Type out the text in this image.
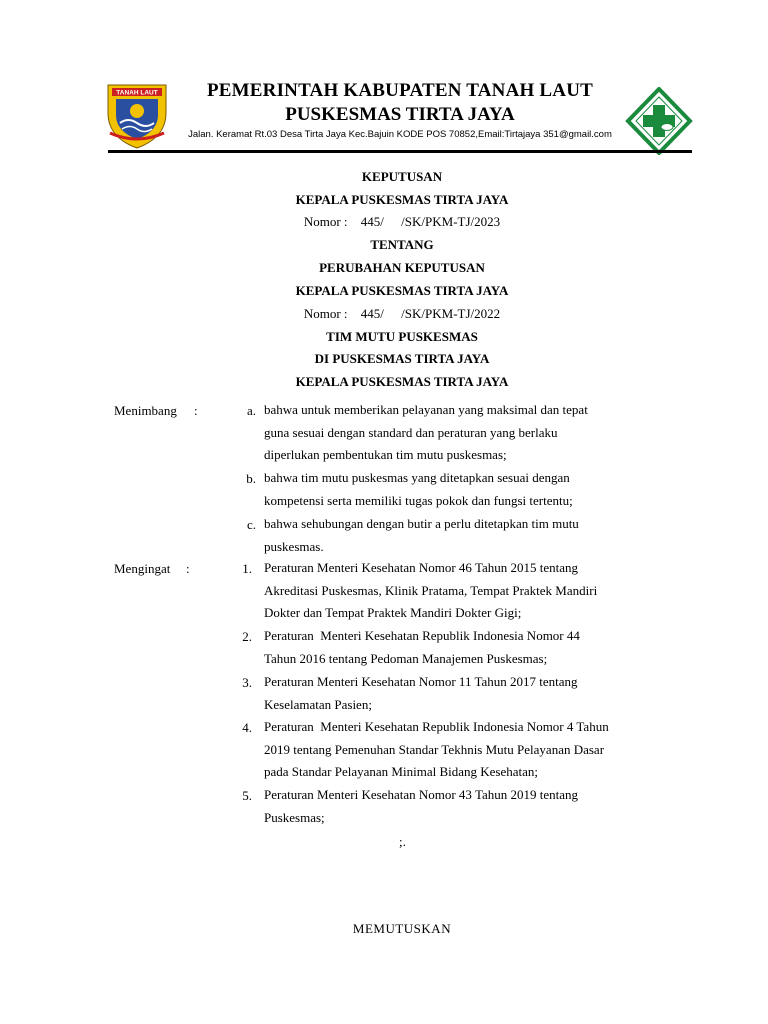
TANAH LAUT	PEMERINTAH KABUPATEN TANAH LAUT
PUSKESMAS TIRTA JAYA
Jalan. Keramat Rt.03 Desa Tirta Jaya Kec.Bajuin KODE POS 70852,Email:Tirtajaya 351@gmail.com
KEPUTUSAN
KEPALA PUSKESMAS TIRTA JAYA
Nomor : 445/ /SK/PKM-TJ/2023
TENTANG
PERUBAHAN KEPUTUSAN
KEPALA PUSKESMAS TIRTA JAYA
Nomor : 445/ /SK/PKM-TJ/2022
TIM MUTU PUSKESMAS
DI PUSKESMAS TIRTA JAYA
KEPALA PUSKESMAS TIRTA JAYA
Menimbang :	a. bahwa untuk memberikan pelayanan yang maksimal dan tepat
guna sesuai dengan standard dan peraturan yang berlaku
diperlukan pembentukan tim mutu puskesmas;
b. bahwa tim mutu puskesmas yang ditetapkan sesuai dengan
kompetensi serta memiliki tugas pokok dan fungsi tertentu;
c. bahwa sehubungan dengan butir a perlu ditetapkan tim mutu
puskesmas.
Mengingat :	1. Peraturan Menteri Kesehatan Nomor 46 Tahun 2015 tentang
Akreditasi Puskesmas, Klinik Pratama, Tempat Praktek Mandiri
Dokter dan Tempat Praktek Mandiri Dokter Gigi;
2. Peraturan  Menteri Kesehatan Republik Indonesia Nomor 44
Tahun 2016 tentang Pedoman Manajemen Puskesmas;
3. Peraturan Menteri Kesehatan Nomor 11 Tahun 2017 tentang
Keselamatan Pasien;
4. Peraturan  Menteri Kesehatan Republik Indonesia Nomor 4 Tahun
2019 tentang Pemenuhan Standar Tekhnis Mutu Pelayanan Dasar
pada Standar Pelayanan Minimal Bidang Kesehatan;
5. Peraturan Menteri Kesehatan Nomor 43 Tahun 2019 tentang
Puskesmas;
;.
MEMUTUSKAN
